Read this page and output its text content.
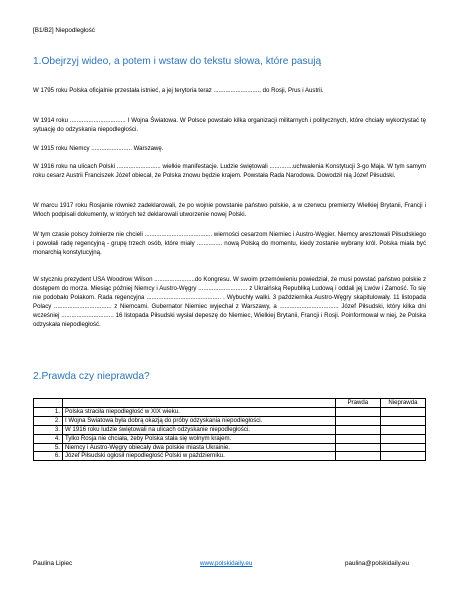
[B1/B2] Niepodległość
1.Obejrzyj wideo, a potem i wstaw do tekstu słowa, które pasują
W 1795 roku Polska oficjalnie przestała istnieć, a jej terytoria teraz ............................ do Rosji, Prus i Austrii.
W 1914 roku ................................. I Wojna Światowa. W Polsce powstało kilka organizacji militarnych i politycznych, które chciały wykorzystać tę sytuację do odzyskania niepodległości.
W 1915 roku Niemcy ........................ Warszawę.
W 1916 roku na ulicach Polski .......................... wielkie manifestacje. Ludzie świętowali ..............uchwalenia Konstytucji 3-go Maja. W tym samym roku cesarz Austrii Franciszek Józef obiecał, że Polska znowu będzie krajem. Powstała Rada Narodowa. Dowodził nią Józef Piłsudski.
W marcu 1917 roku Rosjanie również zadeklarowali, że po wojnie powstanie państwo polskie, a w czerwcu premierzy Wielkiej Brytanii, Francji i Włoch podpisali dokumenty, w których też deklarowali utworzenie nowej Polski.
W tym czasie polscy żołnierze nie chcieli ........................................ wierności cesarzom Niemiec i Austro-Węgier. Niemcy aresztowali Piłsudskiego i powołali radę regencyjną - grupę trzech osób, które miały ............... nową Polską do momentu, kiedy zostanie wybrany król. Polska miała być monarchią konstytucyjną.
W styczniu prezydent USA Woodrow Wilson ........................do Kongresu. W swoim przemówieniu powiedział, że musi powstać państwo polskie z dostępem do morza. Miesiąc później Niemcy i Austro-Węgry ............................. z Ukraińską Republiką Ludową i oddali jej Lwów i Zamość. To się nie podobało Polakom. Rada regencyjna ............................................ . Wybuchły walki. 3 października Austro-Węgry skapitulowały. 11 listopada Polacy .................................. z Niemcami. Gubernator Niemiec wyjechał z Warszawy, a ................................... Józef Piłsudski, który kilka dni wcześniej ............................... 16 listopada Piłsudski wysłał depeszę do Niemiec, Wielkiej Brytanii, Francji i Rosji. Poinformował w niej, że Polska odzyskała niepodległość.
2.Prawda czy nieprawda?
		Prawda	Nieprawda
1.	Polska straciła niepodległość w XIX wieku.		
2.	I Wojna Światowa była dobrą okazją do próby odzyskania niepodległości.		
3.	W 1916 roku ludzie świętowali na ulicach odzyskanie niepodległości.		
4.	Tylko Rosja nie chciała, żeby Polska stała się wolnym krajem.		
5.	Niemcy i Austro-Węgry obiecały dwa polskie miasta Ukrainie.		
6.	Józef Piłsudski ogłosił niepodległość Polski w październiku.		
Paulina Lipiec	www.polskidaily.eu	paulina@polskidaily.eu
